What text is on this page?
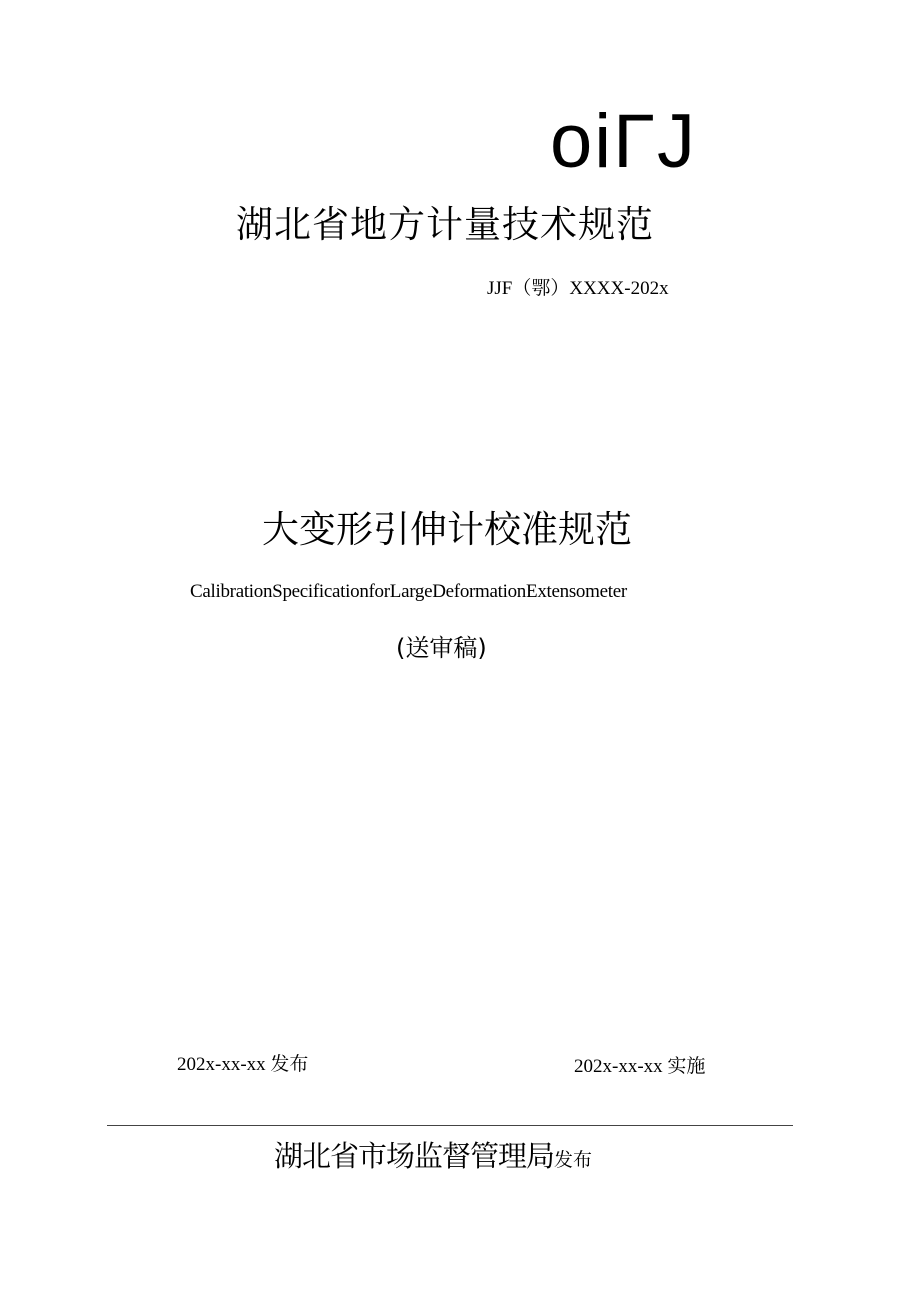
oiΓJ
湖北省地方计量技术规范
JJF（鄂）XXXX-202x
大变形引伸计校准规范
CalibrationSpecificationforLargeDeformationExtensometer
(送审稿)
202x-xx-xx 发布	202x-xx-xx 实施
湖北省市场监督管理局发布
